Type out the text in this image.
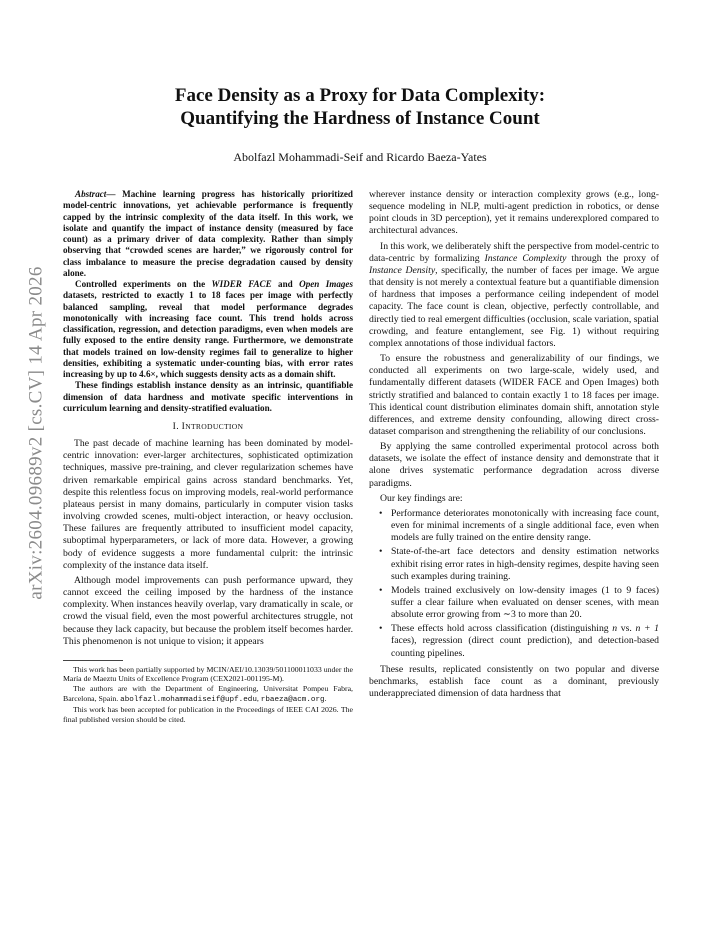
arXiv:2604.09689v2 [cs.CV] 14 Apr 2026
Face Density as a Proxy for Data Complexity:
Quantifying the Hardness of Instance Count
Abolfazl Mohammadi-Seif and Ricardo Baeza-Yates

Abstract— Machine learning progress has historically prioritized model-centric innovations, yet achievable performance is frequently capped by the intrinsic complexity of the data itself. In this work, we isolate and quantify the impact of instance density (measured by face count) as a primary driver of data complexity. Rather than simply observing that “crowded scenes are harder,” we rigorously control for class imbalance to measure the precise degradation caused by density alone.

Controlled experiments on the WIDER FACE and Open Images datasets, restricted to exactly 1 to 18 faces per image with perfectly balanced sampling, reveal that model performance degrades monotonically with increasing face count. This trend holds across classification, regression, and detection paradigms, even when models are fully exposed to the entire density range. Furthermore, we demonstrate that models trained on low-density regimes fail to generalize to higher densities, exhibiting a systematic under-counting bias, with error rates increasing by up to 4.6×, which suggests density acts as a domain shift.

These findings establish instance density as an intrinsic, quantifiable dimension of data hardness and motivate specific interventions in curriculum learning and density-stratified evaluation.

I. INTRODUCTION

The past decade of machine learning has been dominated by model-centric innovation: ever-larger architectures, sophisticated optimization techniques, massive pre-training, and clever regularization schemes have driven remarkable empirical gains across standard benchmarks. Yet, despite this relentless focus on improving models, real-world performance plateaus persist in many domains, particularly in computer vision tasks involving crowded scenes, multi-object interaction, or heavy occlusion. These failures are frequently attributed to insufficient model capacity, suboptimal hyperparameters, or lack of more data. However, a growing body of evidence suggests a more fundamental culprit: the intrinsic complexity of the instance data itself.

Although model improvements can push performance upward, they cannot exceed the ceiling imposed by the hardness of the instance complexity. When instances heavily overlap, vary dramatically in scale, or crowd the visual field, even the most powerful architectures struggle, not because they lack capacity, but because the problem itself becomes harder. This phenomenon is not unique to vision; it appears

This work has been partially supported by MCIN/AEI/10.13039/501100011033 under the María de Maeztu Units of Excellence Program (CEX2021-001195-M).

The authors are with the Department of Engineering, Universitat Pompeu Fabra, Barcelona, Spain. abolfazl.mohammadiseif@upf.edu, rbaeza@acm.org.

This work has been accepted for publication in the Proceedings of IEEE CAI 2026. The final published version should be cited.

wherever instance density or interaction complexity grows (e.g., long-sequence modeling in NLP, multi-agent prediction in robotics, or dense point clouds in 3D perception), yet it remains underexplored compared to architectural advances.

In this work, we deliberately shift the perspective from model-centric to data-centric by formalizing Instance Complexity through the proxy of Instance Density, specifically, the number of faces per image. We argue that density is not merely a contextual feature but a quantifiable dimension of hardness that imposes a performance ceiling independent of model capacity. The face count is clean, objective, perfectly controllable, and directly tied to real emergent difficulties (occlusion, scale variation, spatial crowding, and feature entanglement, see Fig. 1) without requiring complex annotations of those individual factors.

To ensure the robustness and generalizability of our findings, we conducted all experiments on two large-scale, widely used, and fundamentally different datasets (WIDER FACE and Open Images) both strictly stratified and balanced to contain exactly 1 to 18 faces per image. This identical count distribution eliminates domain shift, annotation style differences, and extreme density confounding, allowing direct cross-dataset comparison and strengthening the reliability of our conclusions.

By applying the same controlled experimental protocol across both datasets, we isolate the effect of instance density and demonstrate that it alone drives systematic performance degradation across diverse paradigms.

Our key findings are:

• Performance deteriorates monotonically with increasing face count, even for minimal increments of a single additional face, even when models are fully trained on the entire density range.
• State-of-the-art face detectors and density estimation networks exhibit rising error rates in high-density regimes, despite having seen such examples during training.
• Models trained exclusively on low-density images (1 to 9 faces) suffer a clear failure when evaluated on denser scenes, with mean absolute error growing from ∼3 to more than 20.
• These effects hold across classification (distinguishing n vs. n + 1 faces), regression (direct count prediction), and detection-based counting pipelines.

These results, replicated consistently on two popular and diverse benchmarks, establish face count as a dominant, previously underappreciated dimension of data hardness that
